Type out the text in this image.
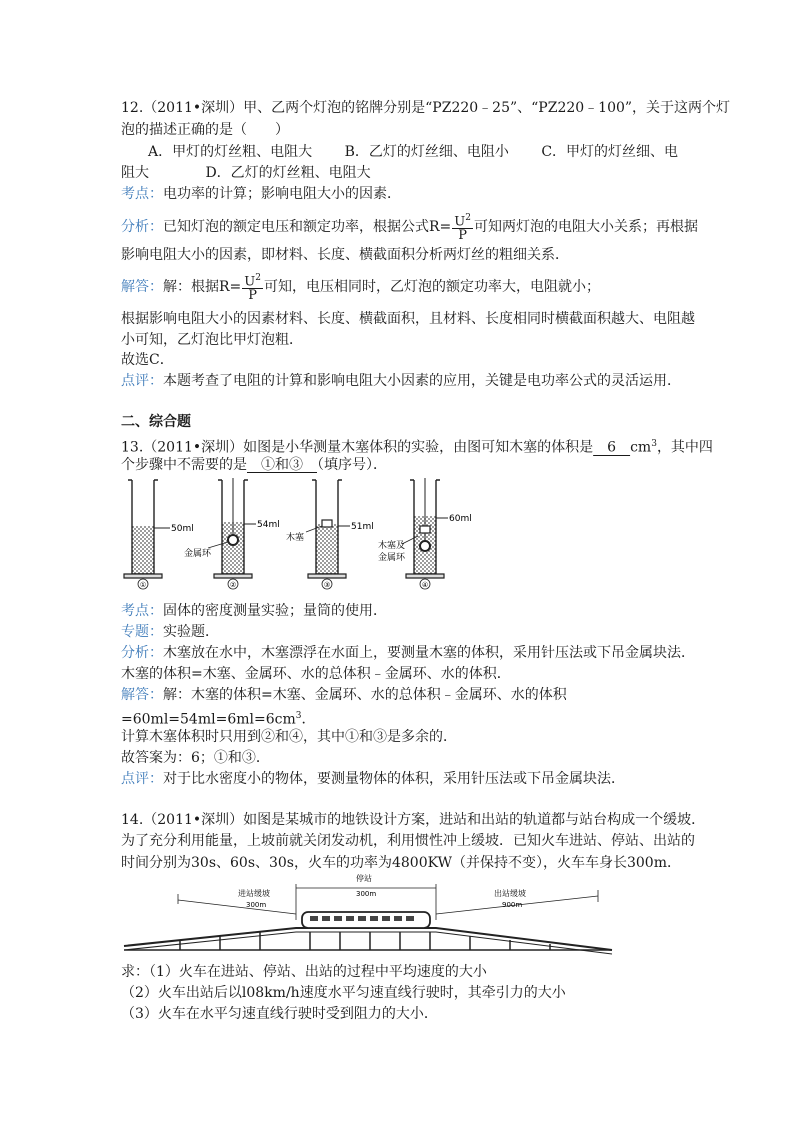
12.（2011•深圳）甲、乙两个灯泡的铭牌分别是“PZ220﹣25”、“PZ220﹣100”，关于这两个灯
泡的描述正确的是（　　）
A．甲灯的灯丝粗、电阻大 B．乙灯的灯丝细、电阻小 C．甲灯的灯丝细、电
阻大	D．乙灯的灯丝粗、电阻大
考点：电功率的计算；影响电阻大小的因素．
分析：已知灯泡的额定电压和额定功率，根据公式$R= \frac{U^2}{P}$ 可知两灯泡的电阻大小关系；再根据
影响电阻大小的因素，即材料、长度、横截面积分析两灯丝的粗细关系．
解答：解：根据$R= \frac{U^2}{P}$ 可知，电压相同时，乙灯泡的额定功率大，电阻就小；
根据影响电阻大小的因素材料、长度、横截面积，且材料、长度相同时横截面积越大、电阻越
小可知，乙灯泡比甲灯泡粗．
故选C．
点评：本题考查了电阻的计算和影响电阻大小因素的应用，关键是电功率公式的灵活运用．
二、综合题
13.（2011•深圳）如图是小华测量木塞体积的实验，由图可知木塞的体积是　6　$cm^3$，其中四
个步骤中不需要的是　①和③　（填序号）．
50ml
①
54ml
金属环
②
51ml
木塞
③
60ml
木塞及
金属环
④
考点：固体的密度测量实验；量筒的使用．
专题：实验题．
分析：木塞放在水中，木塞漂浮在水面上，要测量木塞的体积，采用针压法或下吊金属块法．
木塞的体积=木塞、金属环、水的总体积﹣金属环、水的体积．
解答：解：木塞的体积=木塞、金属环、水的总体积﹣金属环、水的体积
$=60ml=54ml=6ml=6cm^3$．
计算木塞体积时只用到②和④，其中①和③是多余的．
故答案为：6；①和③．
点评：对于比水密度小的物体，要测量物体的体积，采用针压法或下吊金属块法．
14.（2011•深圳）如图是某城市的地铁设计方案，进站和出站的轨道都与站台构成一个缓坡．
为了充分利用能量，上坡前就关闭发动机，利用惯性冲上缓坡．已知火车进站、停站、出站的
时间分别为30s、60s、30s，火车的功率为4800KW（并保持不变），火车车身长300m．
进站缓坡
300m
停站
300m	出站缓坡
900m
求：（1）火车在进站、停站、出站的过程中平均速度的大小
（2）火车出站后以l08km/h速度水平匀速直线行驶时，其牵引力的大小
（3）火车在水平匀速直线行驶时受到阻力的大小．
